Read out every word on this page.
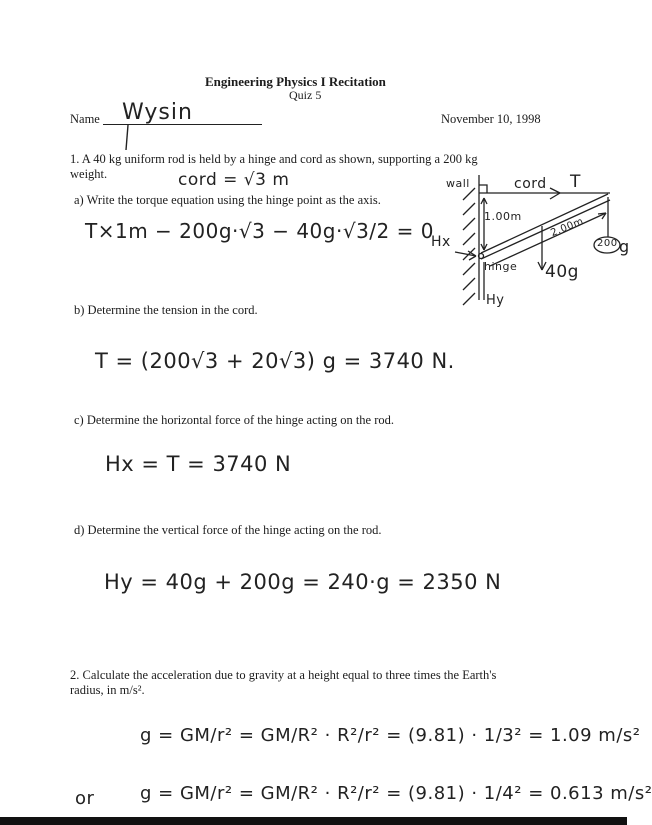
Engineering Physics I Recitation
Quiz 5
Name Wysin	November 10, 1998
1. A 40 kg uniform rod is held by a hinge and cord as shown, supporting a 200 kg
weight.	cord = √3 m
a) Write the torque equation using the hinge point as the axis.
T×1m − 200g·√3 − 40g·√3/2 = 0
b) Determine the tension in the cord.
T = (200√3 + 20√3) g = 3740 N.
c) Determine the horizontal force of the hinge acting on the rod.
Hx = T = 3740 N
d) Determine the vertical force of the hinge acting on the rod.
Hy = 40g + 200g = 240·g = 2350 N
wall	cord T
1.00m	2.00m
Hx
hinge
Hy
40g
200 g
2. Calculate the acceleration due to gravity at a height equal to three times the Earth's
radius, in m/s².
g = GM/r² = GM/R² · R²/r² = (9.81) · 1/3² = 1.09 m/s²
or	g = GM/r² = GM/R² · R²/r² = (9.81) · 1/4² = 0.613 m/s²
